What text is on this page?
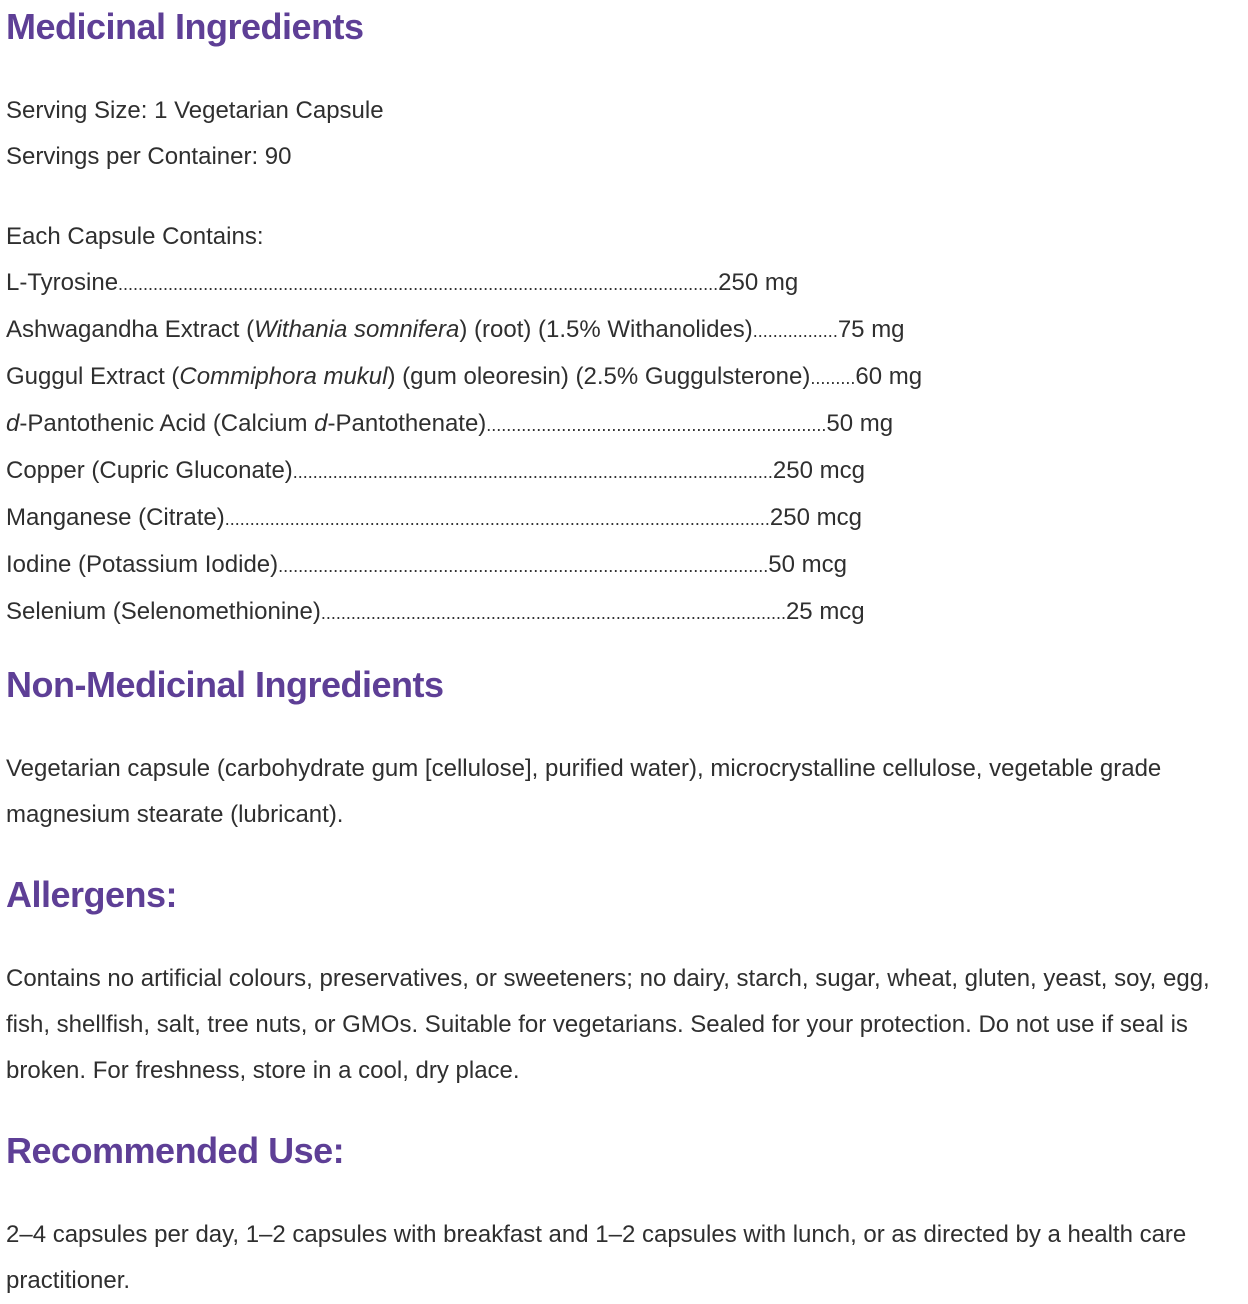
Medicinal Ingredients
Serving Size: 1 Vegetarian Capsule
Servings per Container: 90
Each Capsule Contains:
L-Tyrosine ........................................................................................................................ 250 mg
Ashwagandha Extract (Withania somnifera) (root) (1.5% Withanolides) ................. 75 mg
Guggul Extract (Commiphora mukul) (gum oleoresin) (2.5% Guggulsterone) ......... 60 mg
d-Pantothenic Acid (Calcium d-Pantothenate) .................................................................... 50 mg
Copper (Cupric Gluconate) ................................................................................................ 250 mcg
Manganese (Citrate) ............................................................................................................. 250 mcg
Iodine (Potassium Iodide) .................................................................................................. 50 mcg
Selenium (Selenomethionine) ............................................................................................. 25 mcg
Non-Medicinal Ingredients

Vegetarian capsule (carbohydrate gum [cellulose], purified water), microcrystalline cellulose, vegetable grade magnesium stearate (lubricant).

Allergens:

Contains no artificial colours, preservatives, or sweeteners; no dairy, starch, sugar, wheat, gluten, yeast, soy, egg, fish, shellfish, salt, tree nuts, or GMOs. Suitable for vegetarians. Sealed for your protection. Do not use if seal is broken. For freshness, store in a cool, dry place.

Recommended Use:

2–4 capsules per day, 1–2 capsules with breakfast and 1–2 capsules with lunch, or as directed by a health care practitioner.
